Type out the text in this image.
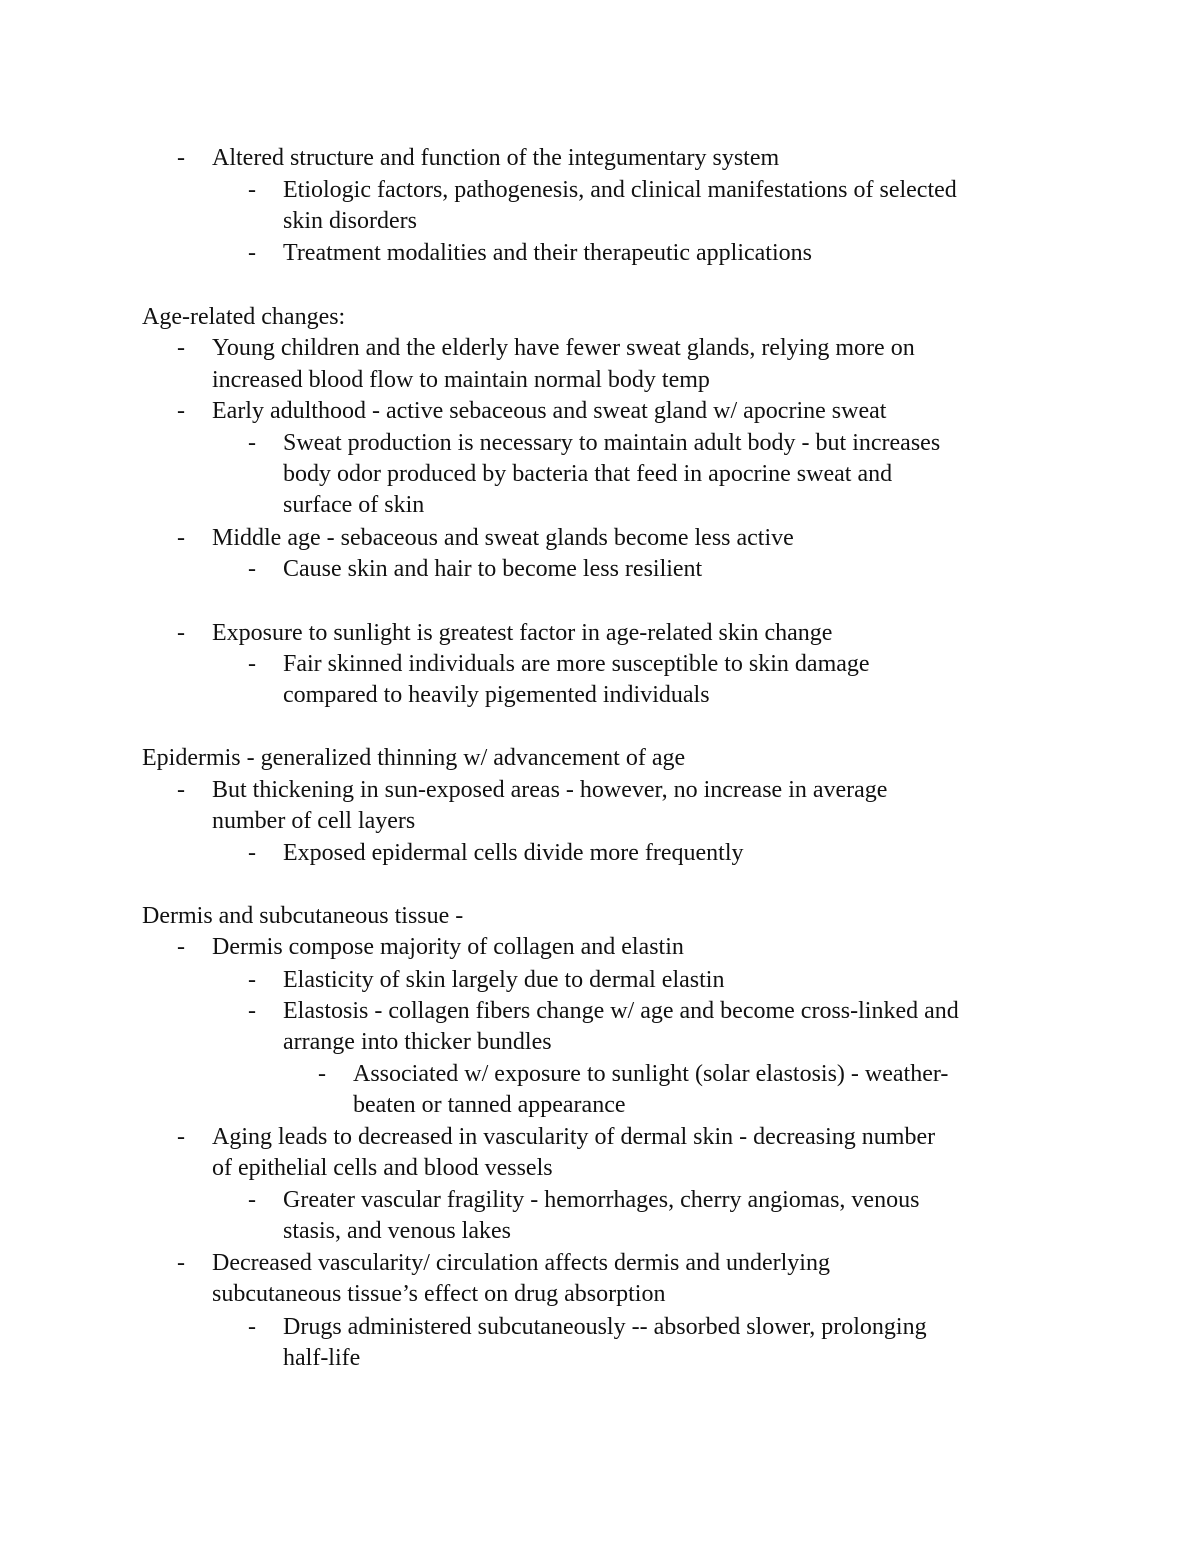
- Altered structure and function of the integumentary system
- Etiologic factors, pathogenesis, and clinical manifestations of selected
skin disorders
- Treatment modalities and their therapeutic applications
Age-related changes:
- Young children and the elderly have fewer sweat glands, relying more on
increased blood flow to maintain normal body temp
- Early adulthood - active sebaceous and sweat gland w/ apocrine sweat
- Sweat production is necessary to maintain adult body - but increases
body odor produced by bacteria that feed in apocrine sweat and
surface of skin
- Middle age - sebaceous and sweat glands become less active
- Cause skin and hair to become less resilient
- Exposure to sunlight is greatest factor in age-related skin change
- Fair skinned individuals are more susceptible to skin damage
compared to heavily pigemented individuals
Epidermis - generalized thinning w/ advancement of age
- But thickening in sun-exposed areas - however, no increase in average
number of cell layers
- Exposed epidermal cells divide more frequently
Dermis and subcutaneous tissue -
- Dermis compose majority of collagen and elastin
- Elasticity of skin largely due to dermal elastin
- Elastosis - collagen fibers change w/ age and become cross-linked and
arrange into thicker bundles
- Associated w/ exposure to sunlight (solar elastosis) - weather-
beaten or tanned appearance
- Aging leads to decreased in vascularity of dermal skin - decreasing number
of epithelial cells and blood vessels
- Greater vascular fragility - hemorrhages, cherry angiomas, venous
stasis, and venous lakes
- Decreased vascularity/ circulation affects dermis and underlying
subcutaneous tissue’s effect on drug absorption
- Drugs administered subcutaneously -- absorbed slower, prolonging
half-life
